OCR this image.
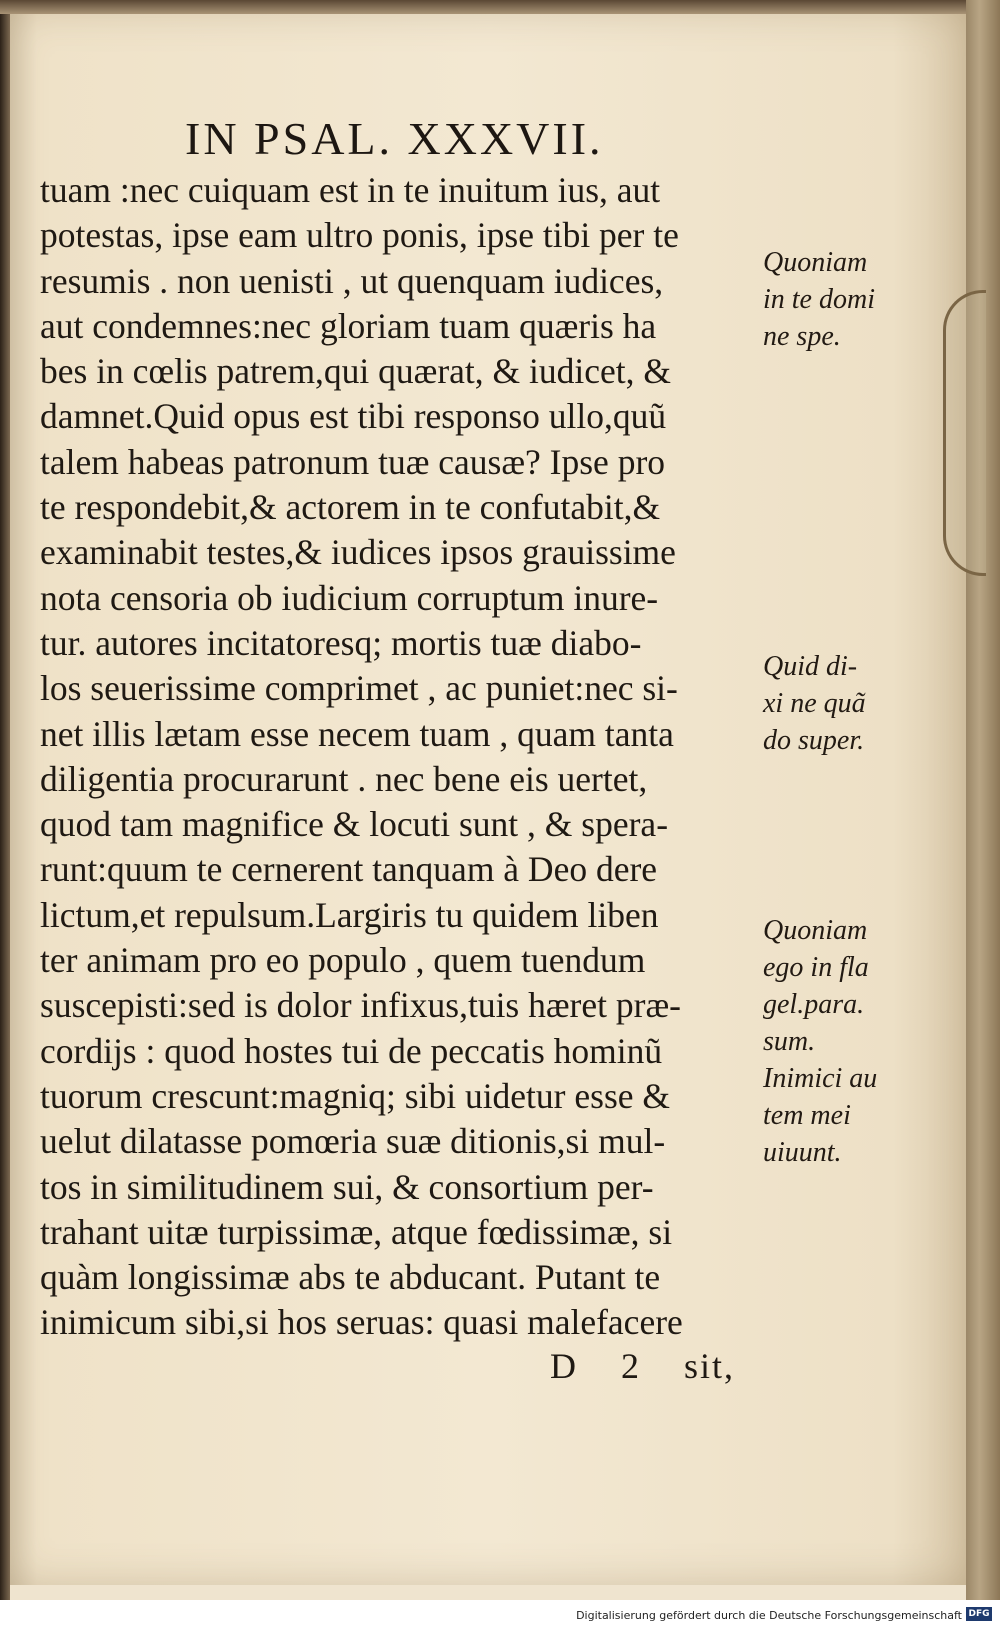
IN PSAL. XXXVII.
tuam :nec cuiquam est in te inuitum ius, aut
potestas, ipse eam ultro ponis, ipse tibi per te
resumis . non uenisti , ut quenquam iudices,
aut condemnes:nec gloriam tuam quæris ha
bes in cœlis patrem,qui quærat, & iudicet, &
damnet.Quid opus est tibi responso ullo,quũ
talem habeas patronum tuæ causæ? Ipse pro
te respondebit,& actorem in te confutabit,&
examinabit testes,& iudices ipsos grauissime
nota censoria ob iudicium corruptum inure-
tur. autores incitatoresq; mortis tuæ diabo-
los seuerissime comprimet , ac puniet:nec si-
net illis lætam esse necem tuam , quam tanta
diligentia procurarunt . nec bene eis uertet,
quod tam magnifice & locuti sunt , & spera-
runt:quum te cernerent tanquam à Deo dere
lictum,et repulsum.Largiris tu quidem liben
ter animam pro eo populo , quem tuendum
suscepisti:sed is dolor infixus,tuis hæret præ-
cordijs : quod hostes tui de peccatis hominũ
tuorum crescunt:magniq; sibi uidetur esse &
uelut dilatasse pomœria suæ ditionis,si mul-
tos in similitudinem sui, & consortium per-
trahant uitæ turpissimæ, atque fœdissimæ, si
quàm longissimæ abs te abducant. Putant te
inimicum sibi,si hos seruas: quasi malefacere
Quoniam
in te domi
ne spe.
Quid di-
xi ne quã
do super.
Quoniam
ego in fla
gel.para.
sum.
Inimici au
tem mei
uiuunt.
D 2 sit,
Digitalisierung gefördert durch die Deutsche Forschungsgemeinschaft DFG
